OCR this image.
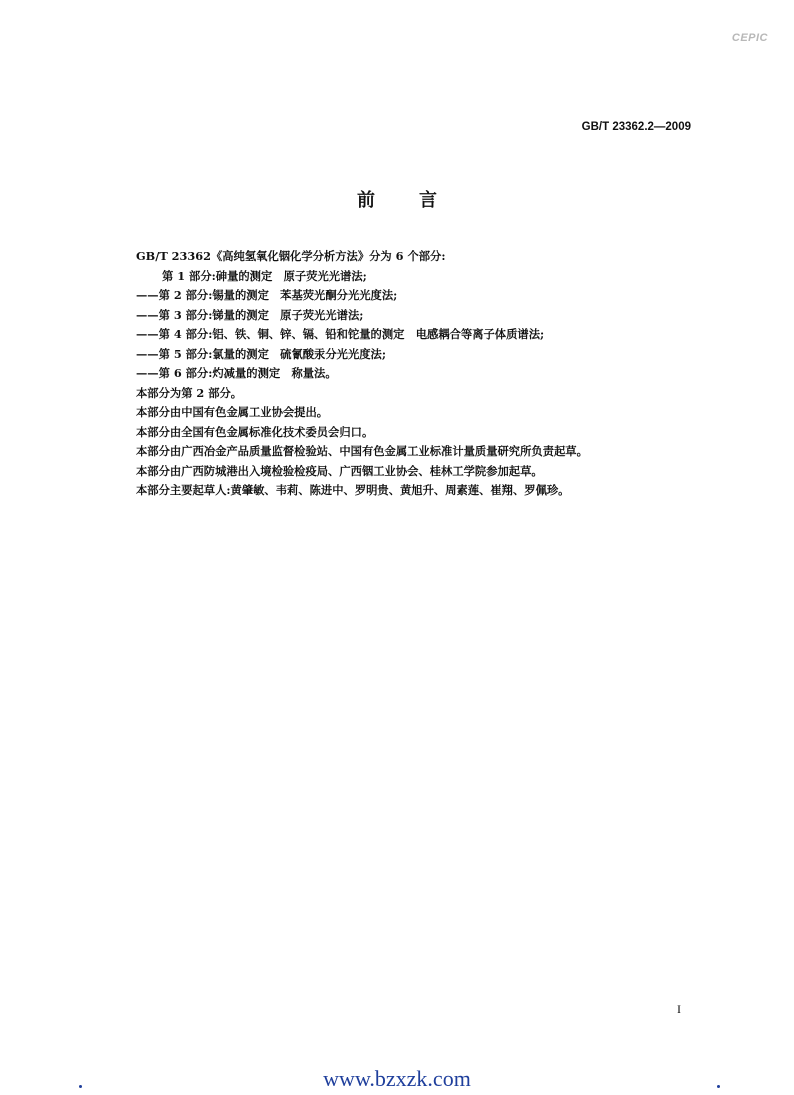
CEPIC
GB/T 23362.2—2009
前言
GB/T 23362《高纯氢氧化铟化学分析方法》分为 6 个部分:
第 1 部分:砷量的测定　原子荧光光谱法;
——第 2 部分:锡量的测定　苯基荧光酮分光光度法;
——第 3 部分:锑量的测定　原子荧光光谱法;
——第 4 部分:铝、铁、铜、锌、镉、铅和铊量的测定　电感耦合等离子体质谱法;
——第 5 部分:氯量的测定　硫氰酸汞分光光度法;
——第 6 部分:灼减量的测定　称量法。
本部分为第 2 部分。
本部分由中国有色金属工业协会提出。
本部分由全国有色金属标准化技术委员会归口。
本部分由广西冶金产品质量监督检验站、中国有色金属工业标准计量质量研究所负责起草。
本部分由广西防城港出入境检验检疫局、广西铟工业协会、桂林工学院参加起草。
本部分主要起草人:黄肇敏、韦莉、陈进中、罗明贵、黄旭升、周素莲、崔翔、罗佩珍。
I
www.bzxzk.com
